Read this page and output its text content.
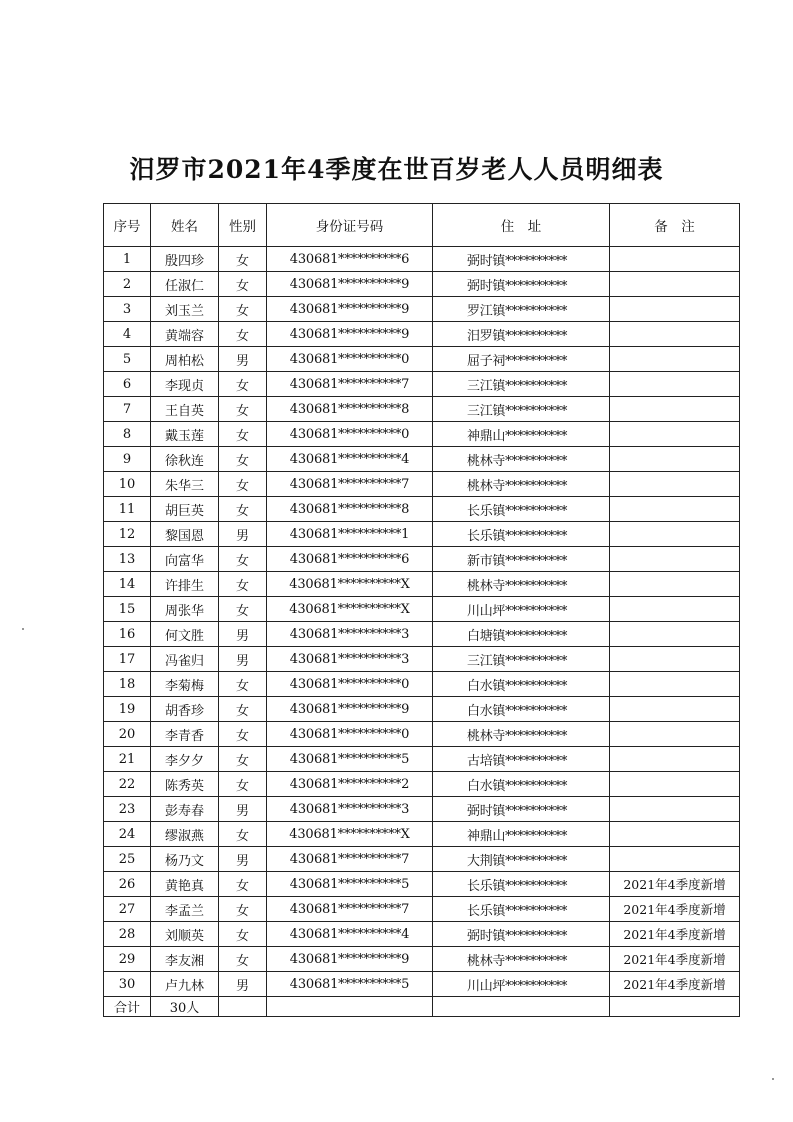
汨罗市2021年4季度在世百岁老人人员明细表
序号	姓名	性别	身份证号码	住　址	备　注
1	殷四珍	女	430681**********6	弼时镇**********	
2	任淑仁	女	430681**********9	弼时镇**********	
3	刘玉兰	女	430681**********9	罗江镇**********	
4	黄端容	女	430681**********9	汨罗镇**********	
5	周柏松	男	430681**********0	屈子祠**********	
6	李现贞	女	430681**********7	三江镇**********	
7	王自英	女	430681**********8	三江镇**********	
8	戴玉莲	女	430681**********0	神鼎山**********	
9	徐秋连	女	430681**********4	桃林寺**********	
10	朱华三	女	430681**********7	桃林寺**********	
11	胡巨英	女	430681**********8	长乐镇**********	
12	黎国恩	男	430681**********1	长乐镇**********	
13	向富华	女	430681**********6	新市镇**********	
14	许排生	女	430681**********X	桃林寺**********	
15	周张华	女	430681**********X	川山坪**********	
16	何文胜	男	430681**********3	白塘镇**********	
17	冯雀归	男	430681**********3	三江镇**********	
18	李菊梅	女	430681**********0	白水镇**********	
19	胡香珍	女	430681**********9	白水镇**********	
20	李青香	女	430681**********0	桃林寺**********	
21	李夕夕	女	430681**********5	古培镇**********	
22	陈秀英	女	430681**********2	白水镇**********	
23	彭寿春	男	430681**********3	弼时镇**********	
24	缪淑燕	女	430681**********X	神鼎山**********	
25	杨乃文	男	430681**********7	大荆镇**********	
26	黄艳真	女	430681**********5	长乐镇**********	2021年4季度新增
27	李孟兰	女	430681**********7	长乐镇**********	2021年4季度新增
28	刘顺英	女	430681**********4	弼时镇**********	2021年4季度新增
29	李友湘	女	430681**********9	桃林寺**********	2021年4季度新增
30	卢九林	男	430681**********5	川山坪**********	2021年4季度新增
合计	30人				
